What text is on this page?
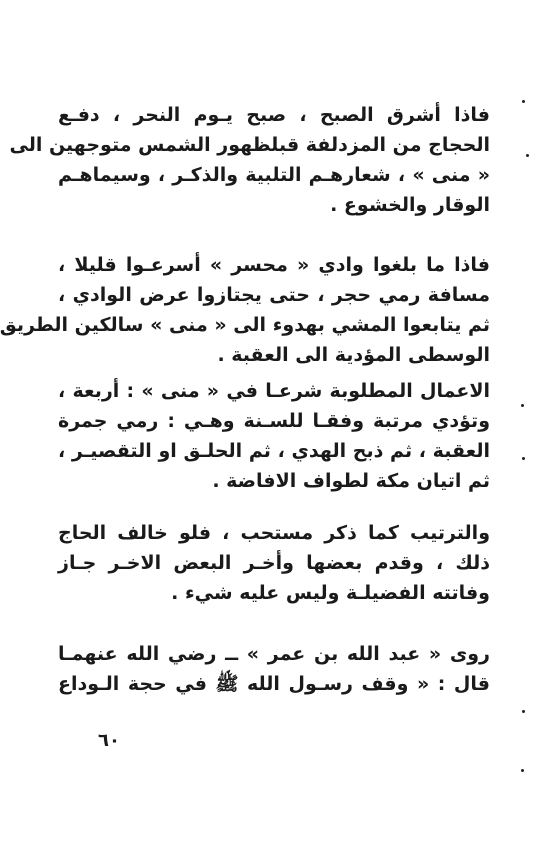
فاذا أشرق الصبح ، صبح يـوم النحر ، دفـع
الحجاج من المزدلفة قبلظهور الشمس متوجهين الى
« منى » ، شعارهـم التلبية والذكـر ، وسيماهـم
الوقار والخشوع .
فاذا ما بلغوا وادي « محسر » أسرعـوا قليلا ،
مسافة رمي حجر ، حتى يجتازوا عرض الوادي ،
ثم يتابعوا المشي بهدوء الى « منى » سالكين الطريق
الوسطى المؤدية الى العقبة .
الاعمال المطلوبة شرعـا في « منى » : أربعة ،
وتؤدي مرتبة وفقـا للسـنة وهـي : رمي جمرة
العقبة ، ثم ذبح الهدي ، ثم الحلـق او التقصيـر ،
ثم اتيان مكة لطواف الافاضة .
والترتيب كما ذكر مستحب ، فلو خالف الحاج
ذلك ، وقدم بعضها وأخـر البعض الاخـر جـاز
وفاتته الفضيلـة وليس عليه شيء .
روى « عبد الله بن عمر » ــ رضي الله عنهمـا
قال : « وقف رسـول الله ﷺ في حجة الـوداع
٦٠
